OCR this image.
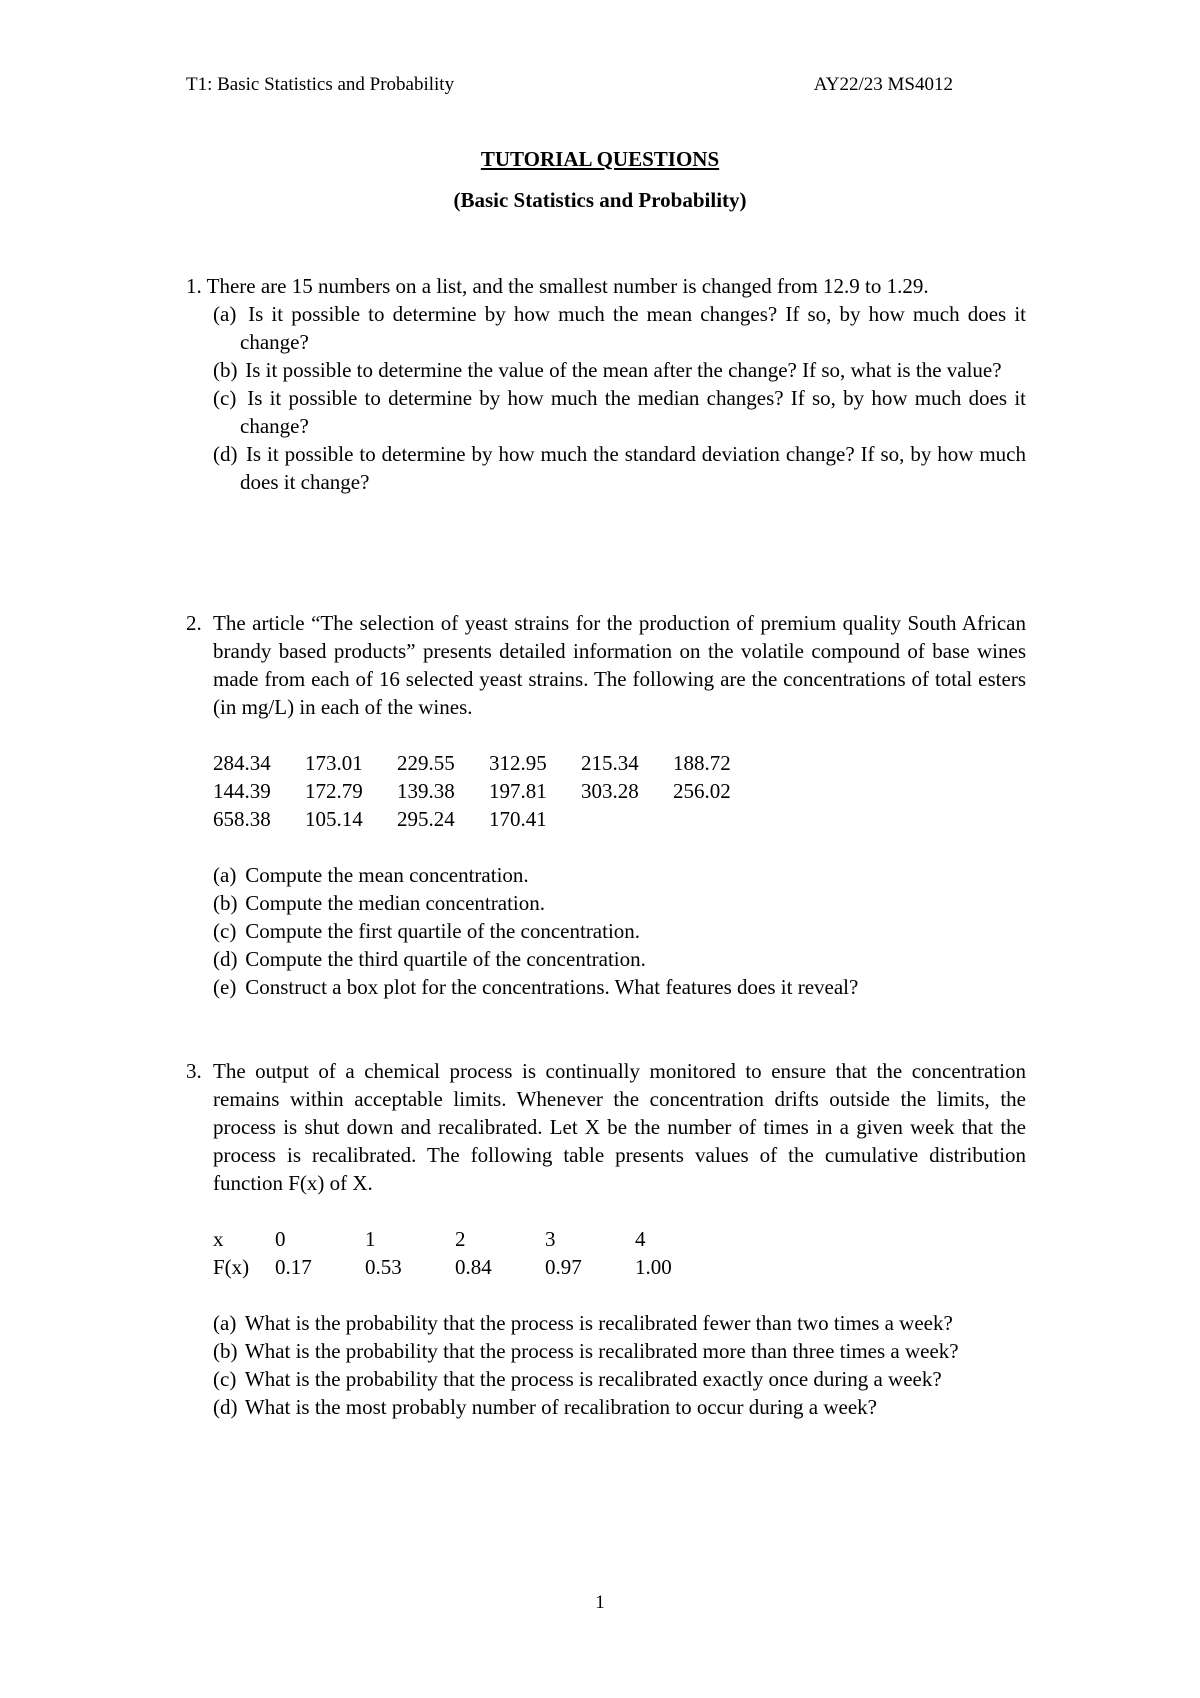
T1: Basic Statistics and Probability	AY22/23 MS4012
TUTORIAL QUESTIONS
(Basic Statistics and Probability)
1. There are 15 numbers on a list, and the smallest number is changed from 12.9 to 1.29.
(a) Is it possible to determine by how much the mean changes? If so, by how much does it change?
(b) Is it possible to determine the value of the mean after the change? If so, what is the value?
(c) Is it possible to determine by how much the median changes? If so, by how much does it change?
(d) Is it possible to determine by how much the standard deviation change? If so, by how much does it change?
2. The article “The selection of yeast strains for the production of premium quality South African brandy based products” presents detailed information on the volatile compound of base wines made from each of 16 selected yeast strains. The following are the concentrations of total esters (in mg/L) in each of the wines.
284.34	173.01	229.55	312.95	215.34	188.72
144.39	172.79	139.38	197.81	303.28	256.02
658.38	105.14	295.24	170.41
(a) Compute the mean concentration.
(b) Compute the median concentration.
(c) Compute the first quartile of the concentration.
(d) Compute the third quartile of the concentration.
(e) Construct a box plot for the concentrations. What features does it reveal?
3. The output of a chemical process is continually monitored to ensure that the concentration remains within acceptable limits. Whenever the concentration drifts outside the limits, the process is shut down and recalibrated. Let X be the number of times in a given week that the process is recalibrated. The following table presents values of the cumulative distribution function F(x) of X.
x	0	1	2	3	4
F(x)	0.17	0.53	0.84	0.97	1.00
(a) What is the probability that the process is recalibrated fewer than two times a week?
(b) What is the probability that the process is recalibrated more than three times a week?
(c) What is the probability that the process is recalibrated exactly once during a week?
(d) What is the most probably number of recalibration to occur during a week?
1
